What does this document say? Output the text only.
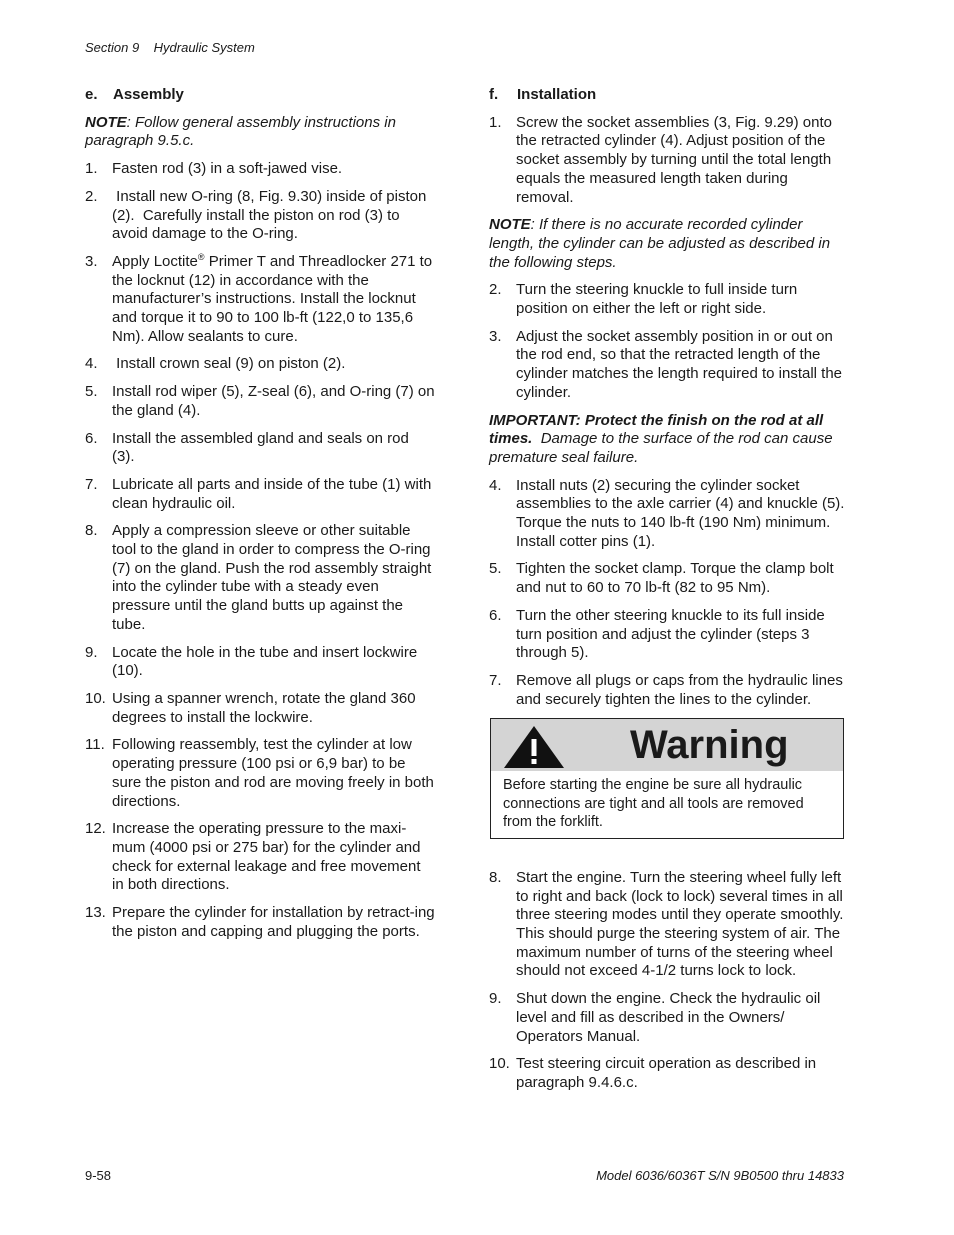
Section 9    Hydraulic System
e. Assembly
NOTE: Follow general assembly instructions in paragraph 9.5.c.
1. Fasten rod (3) in a soft-jawed vise.
2. Install new O-ring (8, Fig. 9.30) inside of piston (2).  Carefully install the piston on rod (3) to avoid damage to the O-ring.
3. Apply Loctite® Primer T and Threadlocker 271 to the locknut (12) in accordance with the manufacturer’s instructions. Install the locknut and torque it to 90 to 100 lb-ft (122,0 to 135,6 Nm). Allow sealants to cure.
4. Install crown seal (9) on piston (2).
5. Install rod wiper (5), Z-seal (6), and O-ring (7) on the gland (4).
6. Install the assembled gland and seals on rod (3).
7. Lubricate all parts and inside of the tube (1) with clean hydraulic oil.
8. Apply a compression sleeve or other suitable tool to the gland in order to compress the O-ring (7) on the gland. Push the rod assembly straight into the cylinder tube with a steady even pressure until the gland butts up against the tube.
9. Locate the hole in the tube and insert lockwire (10).
10. Using a spanner wrench, rotate the gland 360 degrees to install the lockwire.
11. Following reassembly, test the cylinder at low operating pressure (100 psi or 6,9 bar) to be sure the piston and rod are moving freely in both directions.
12. Increase the operating pressure to the maxi-mum (4000 psi or 275 bar) for the cylinder and check for external leakage and free movement in both directions.
13. Prepare the cylinder for installation by retract-ing the piston and capping and plugging the ports.
f. Installation
1. Screw the socket assemblies (3, Fig. 9.29) onto the retracted cylinder (4). Adjust position of the socket assembly by turning until the total length equals the measured length taken during removal.
NOTE: If there is no accurate recorded cylinder length, the cylinder can be adjusted as described in the following steps.
2. Turn the steering knuckle to full inside turn position on either the left or right side.
3. Adjust the socket assembly position in or out on the rod end, so that the retracted length of the cylinder matches the length required to install the cylinder.
IMPORTANT: Protect the finish on the rod at all times.  Damage to the surface of the rod can cause premature seal failure.
4. Install nuts (2) securing the cylinder socket assemblies to the axle carrier (4) and knuckle (5). Torque the nuts to 140 lb-ft (190 Nm) minimum. Install cotter pins (1).
5. Tighten the socket clamp. Torque the clamp bolt and nut to 60 to 70 lb-ft (82 to 95 Nm).
6. Turn the other steering knuckle to its full inside turn position and adjust the cylinder (steps 3 through 5).
7. Remove all plugs or caps from the hydraulic lines and securely tighten the lines to the cylinder.
Warning
Before starting the engine be sure all hydraulic connections are tight and all tools are removed from the forklift.
8. Start the engine. Turn the steering wheel fully left to right and back (lock to lock) several times in all three steering modes until they operate smoothly. This should purge the steering system of air. The maximum number of turns of the steering wheel should not exceed 4-1/2 turns lock to lock.
9. Shut down the engine. Check the hydraulic oil level and fill as described in the Owners/ Operators Manual.
10. Test steering circuit operation as described in paragraph 9.4.6.c.
9-58	Model 6036/6036T S/N 9B0500 thru 14833
